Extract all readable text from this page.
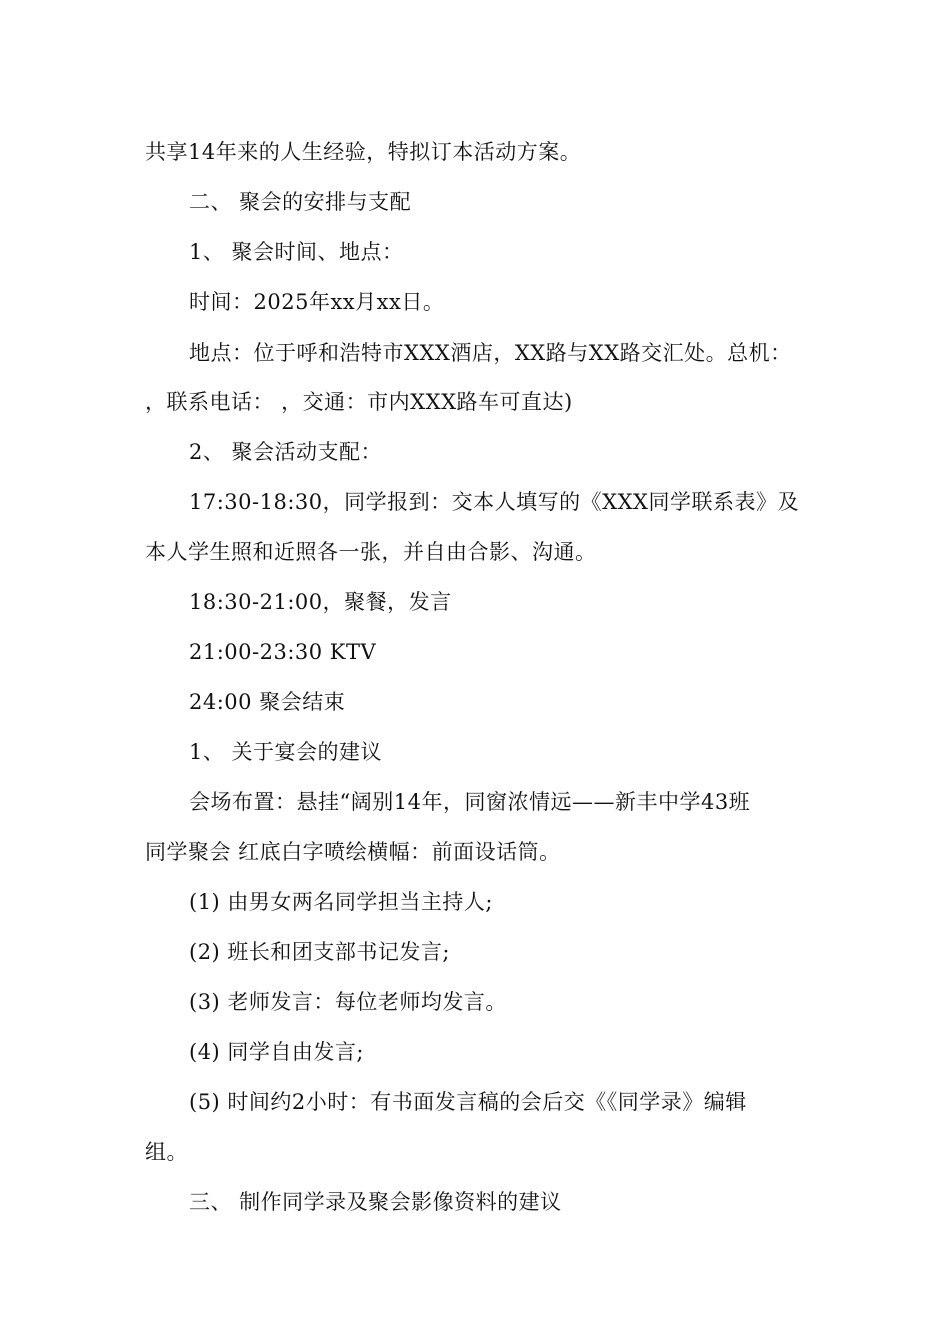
共享14年来的人生经验，特拟订本活动方案。
二、 聚会的安排与支配
1、 聚会时间、地点：
时间：2025年xx月xx日。
地点：位于呼和浩特市XXX酒店，XX路与XX路交汇处。总机：
，联系电话： ，交通：市内XXX路车可直达)
2、 聚会活动支配：
17:30-18:30，同学报到：交本人填写的《XXX同学联系表》及
本人学生照和近照各一张，并自由合影、沟通。
18:30-21:00，聚餐，发言
21:00-23:30 KTV
24:00 聚会结束
1、 关于宴会的建议
会场布置：悬挂“阔别14年，同窗浓情远——新丰中学43班
同学聚会 红底白字喷绘横幅：前面设话筒。
(1) 由男女两名同学担当主持人;
(2) 班长和团支部书记发言;
(3) 老师发言：每位老师均发言。
(4) 同学自由发言;
(5) 时间约2小时：有书面发言稿的会后交《《同学录》编辑
组。
三、 制作同学录及聚会影像资料的建议
